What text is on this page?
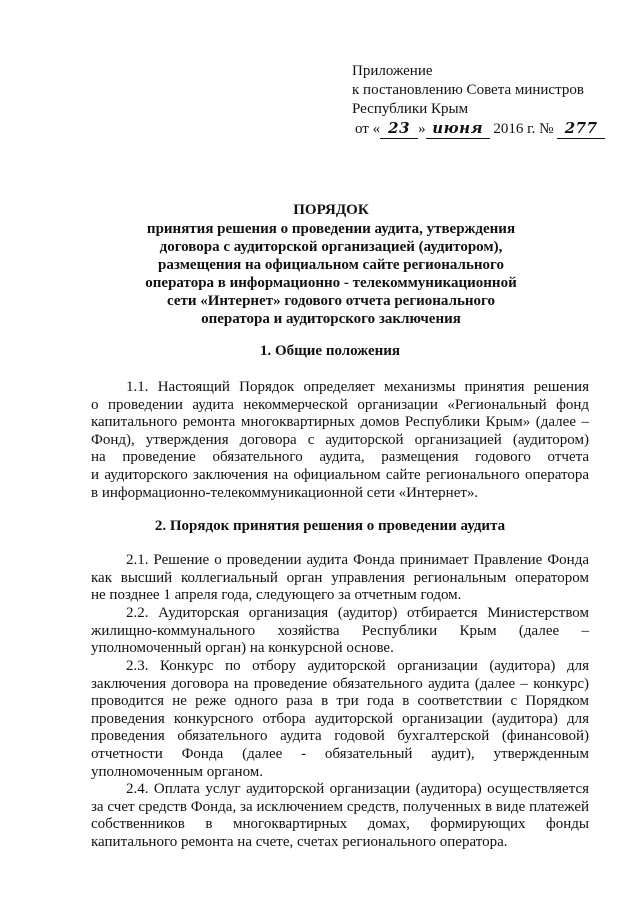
Приложение
к постановлению Совета министров
Республики Крым
от « 23 » июня 2016 г. № 277
ПОРЯДОК
принятия решения о проведении аудита, утверждения
договора с аудиторской организацией (аудитором),
размещения на официальном сайте регионального
оператора в информационно - телекоммуникационной
сети «Интернет» годового отчета регионального
оператора и аудиторского заключения
1. Общие положения
1.1. Настоящий Порядок определяет механизмы принятия решения
о проведении аудита некоммерческой организации «Региональный фонд
капитального ремонта многоквартирных домов Республики Крым» (далее –
Фонд), утверждения договора с аудиторской организацией (аудитором)
на проведение обязательного аудита, размещения годового отчета
и аудиторского заключения на официальном сайте регионального оператора
в информационно-телекоммуникационной сети «Интернет».
2. Порядок принятия решения о проведении аудита
2.1. Решение о проведении аудита Фонда принимает Правление Фонда
как высший коллегиальный орган управления региональным оператором
не позднее 1 апреля года, следующего за отчетным годом.
2.2. Аудиторская организация (аудитор) отбирается Министерством
жилищно-коммунального хозяйства Республики Крым (далее –
уполномоченный орган) на конкурсной основе.
2.3. Конкурс по отбору аудиторской организации (аудитора) для
заключения договора на проведение обязательного аудита (далее – конкурс)
проводится не реже одного раза в три года в соответствии с Порядком
проведения конкурсного отбора аудиторской организации (аудитора) для
проведения обязательного аудита годовой бухгалтерской (финансовой)
отчетности Фонда (далее - обязательный аудит), утвержденным
уполномоченным органом.
2.4. Оплата услуг аудиторской организации (аудитора) осуществляется
за счет средств Фонда, за исключением средств, полученных в виде платежей
собственников в многоквартирных домах, формирующих фонды
капитального ремонта на счете, счетах регионального оператора.
